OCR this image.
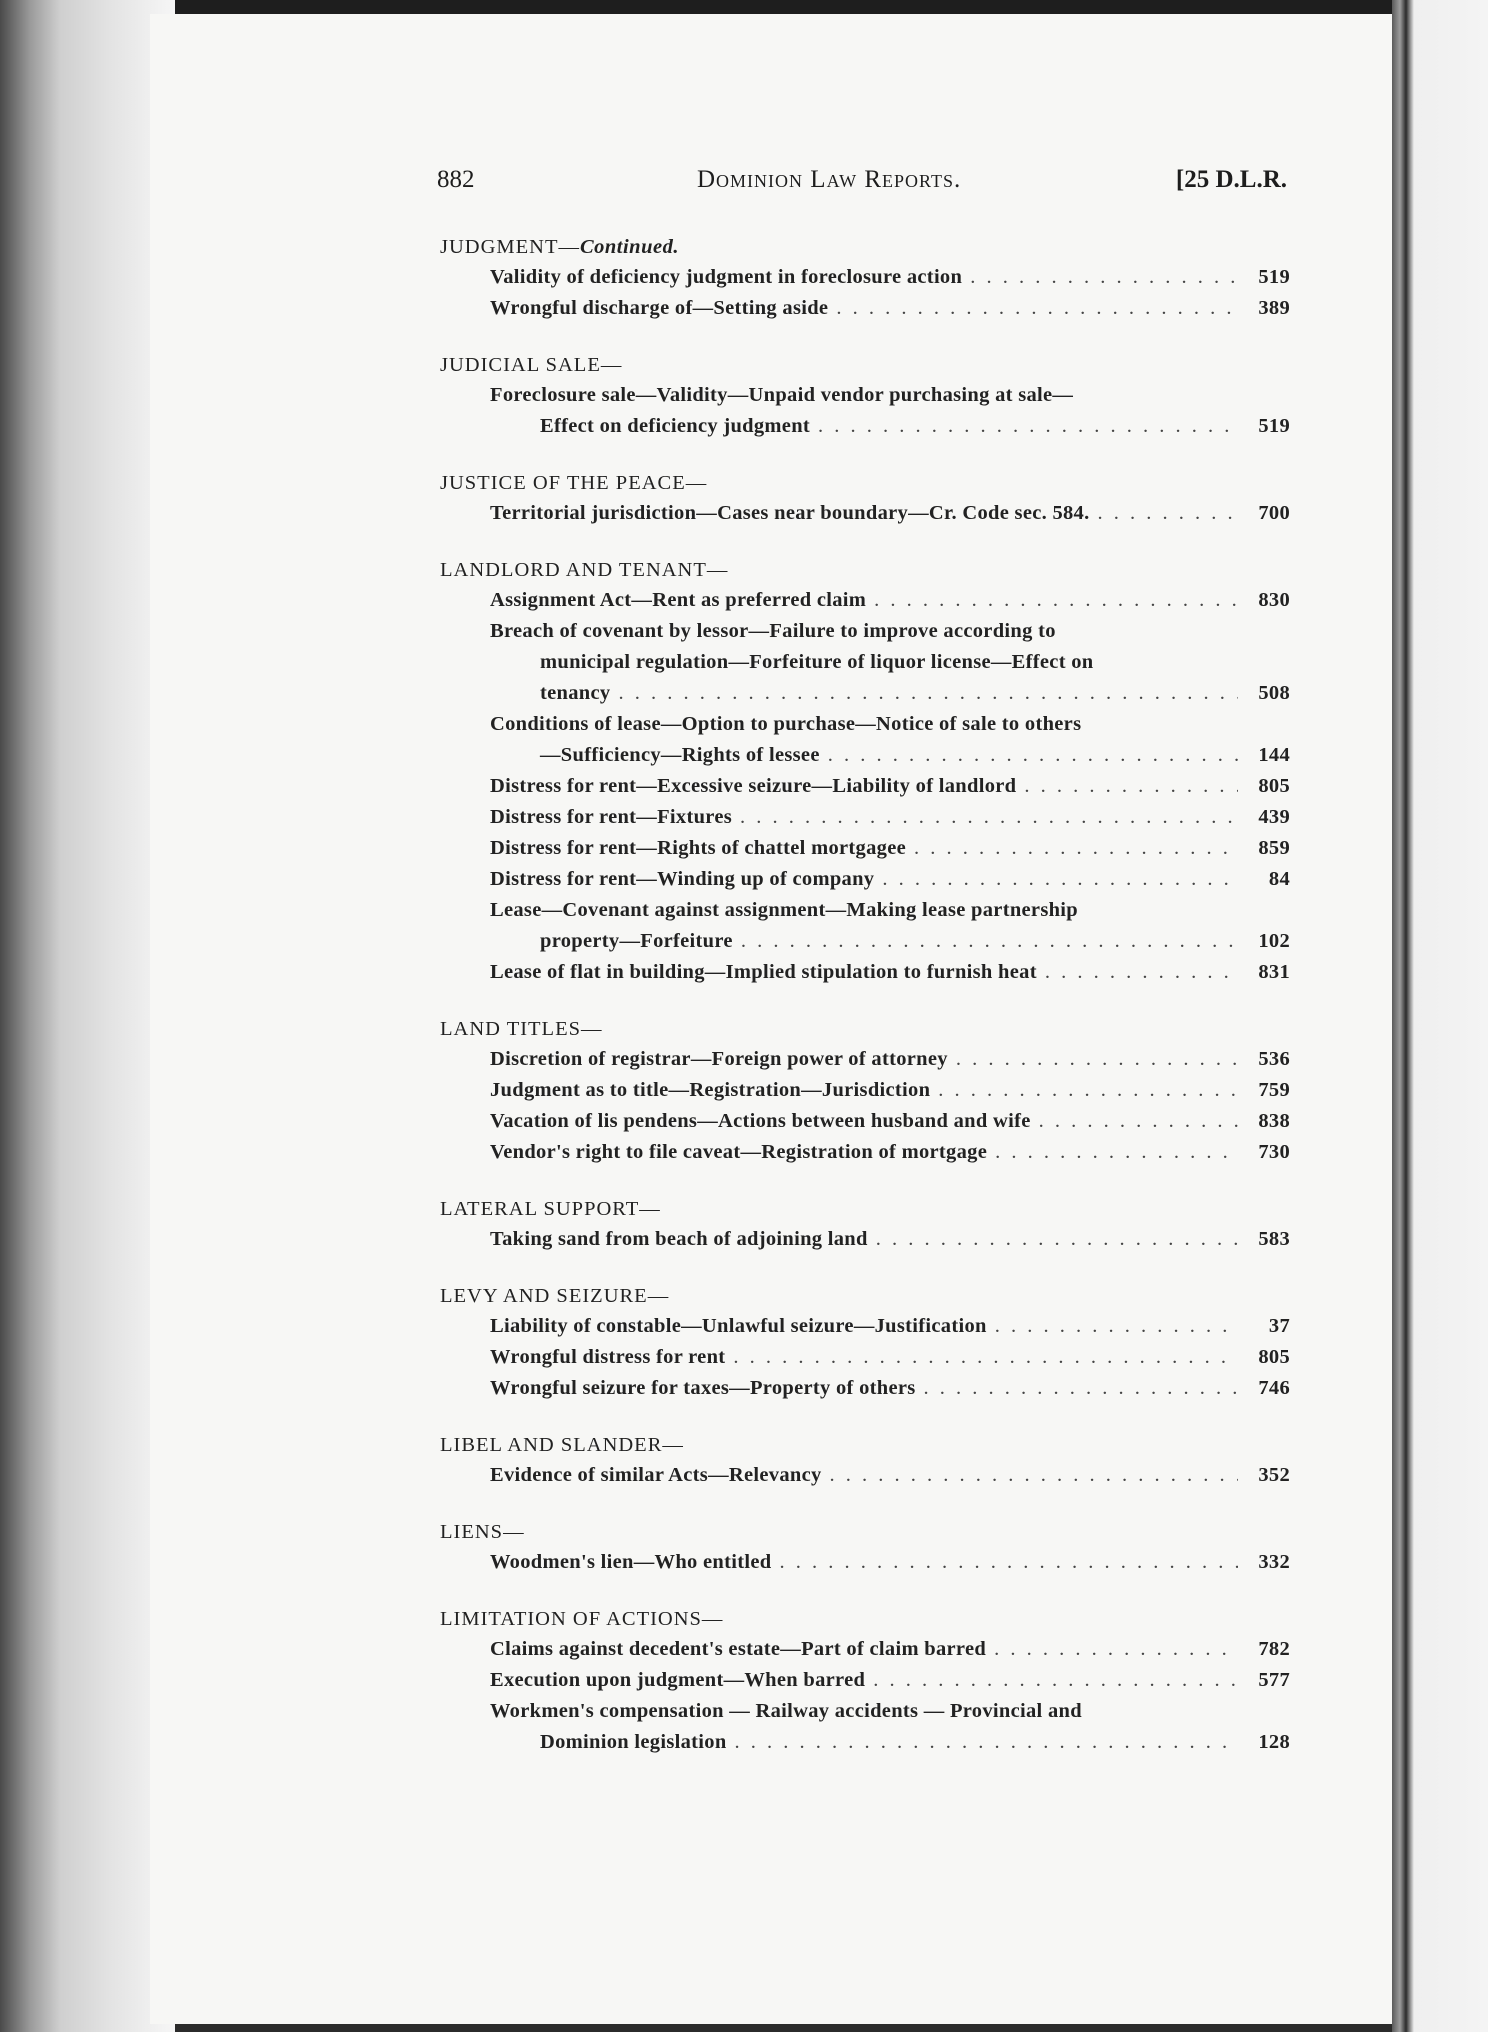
882	Dominion Law Reports.	[25 D.L.R.
JUDGMENT—Continued.
Validity of deficiency judgment in foreclosure action . . .	519
Wrongful discharge of—Setting aside . . .	389
JUDICIAL SALE—
Foreclosure sale—Validity—Unpaid vendor purchasing at sale—
Effect on deficiency judgment . . .	519
JUSTICE OF THE PEACE—
Territorial jurisdiction—Cases near boundary—Cr. Code sec. 584. . . .	700
LANDLORD AND TENANT—
Assignment Act—Rent as preferred claim . . .	830
Breach of covenant by lessor—Failure to improve according to
municipal regulation—Forfeiture of liquor license—Effect on
tenancy . . .	508
Conditions of lease—Option to purchase—Notice of sale to others
—Sufficiency—Rights of lessee . . .	144
Distress for rent—Excessive seizure—Liability of landlord . . .	805
Distress for rent—Fixtures . . .	439
Distress for rent—Rights of chattel mortgagee . . .	859
Distress for rent—Winding up of company . . .	84
Lease—Covenant against assignment—Making lease partnership
property—Forfeiture . . .	102
Lease of flat in building—Implied stipulation to furnish heat . . .	831
LAND TITLES—
Discretion of registrar—Foreign power of attorney . . .	536
Judgment as to title—Registration—Jurisdiction . . .	759
Vacation of lis pendens—Actions between husband and wife . . .	838
Vendor's right to file caveat—Registration of mortgage . . .	730
LATERAL SUPPORT—
Taking sand from beach of adjoining land . . .	583
LEVY AND SEIZURE—
Liability of constable—Unlawful seizure—Justification . . .	37
Wrongful distress for rent . . .	805
Wrongful seizure for taxes—Property of others . . .	746
LIBEL AND SLANDER—
Evidence of similar Acts—Relevancy . . .	352
LIENS—
Woodmen's lien—Who entitled . . .	332
LIMITATION OF ACTIONS—
Claims against decedent's estate—Part of claim barred . . .	782
Execution upon judgment—When barred . . .	577
Workmen's compensation — Railway accidents — Provincial and
Dominion legislation . . .	128
